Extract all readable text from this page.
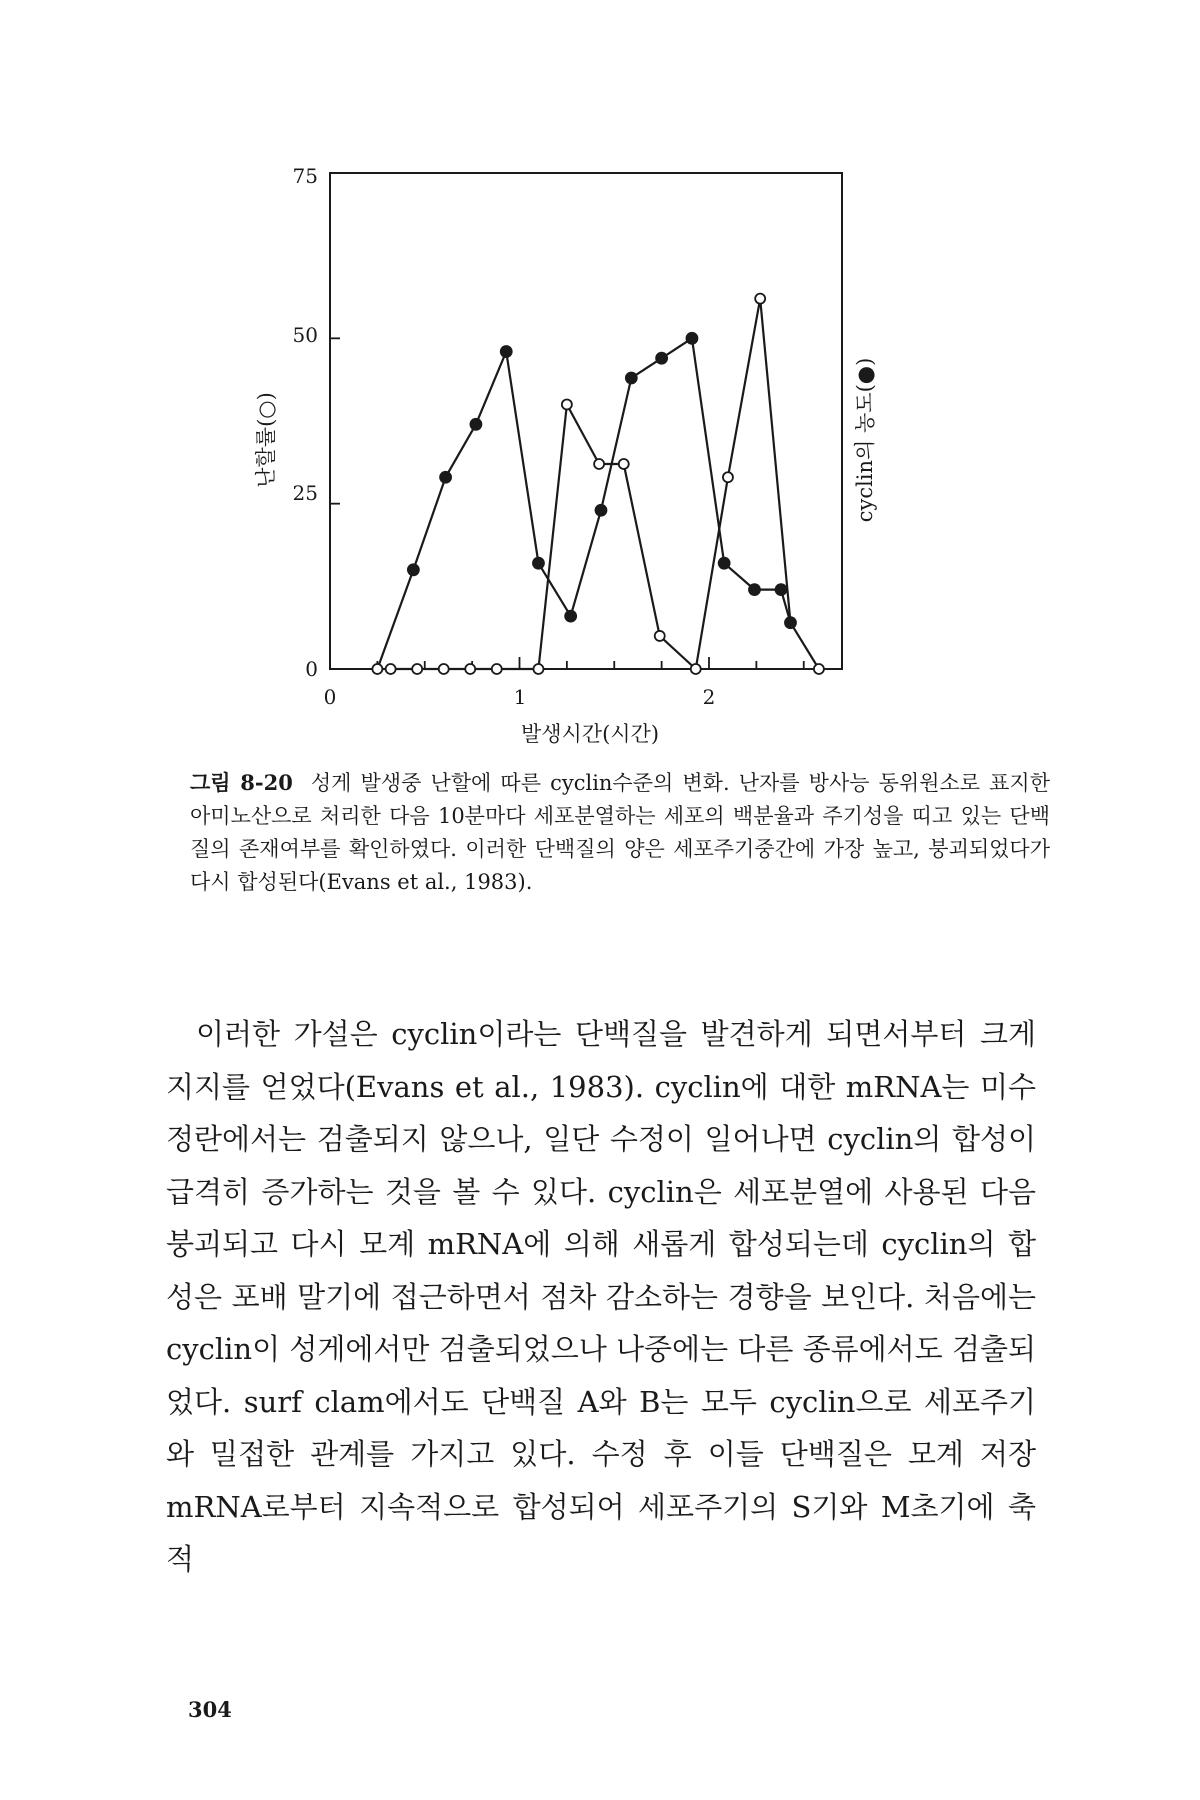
0
25
50
75
0	1	2
발생시간(시간)
난할률(○)	cyclin의 농도(●)
그림 8-20 성게 발생중 난할에 따른 cyclin수준의 변화. 난자를 방사능 동위원소로 표지한 아미노산으로 처리한 다음 10분마다 세포분열하는 세포의 백분율과 주기성을 띠고 있는 단백질의 존재여부를 확인하였다. 이러한 단백질의 양은 세포주기중간에 가장 높고, 붕괴되었다가 다시 합성된다(Evans et al., 1983).

이러한 가설은 cyclin이라는 단백질을 발견하게 되면서부터 크게 지지를 얻었다(Evans et al., 1983). cyclin에 대한 mRNA는 미수정란에서는 검출되지 않으나, 일단 수정이 일어나면 cyclin의 합성이 급격히 증가하는 것을 볼 수 있다. cyclin은 세포분열에 사용된 다음 붕괴되고 다시 모계 mRNA에 의해 새롭게 합성되는데 cyclin의 합성은 포배 말기에 접근하면서 점차 감소하는 경향을 보인다. 처음에는 cyclin이 성게에서만 검출되었으나 나중에는 다른 종류에서도 검출되었다. surf clam에서도 단백질 A와 B는 모두 cyclin으로 세포주기와 밀접한 관계를 가지고 있다. 수정 후 이들 단백질은 모계 저장 mRNA로부터 지속적으로 합성되어 세포주기의 S기와 M초기에 축적

304
